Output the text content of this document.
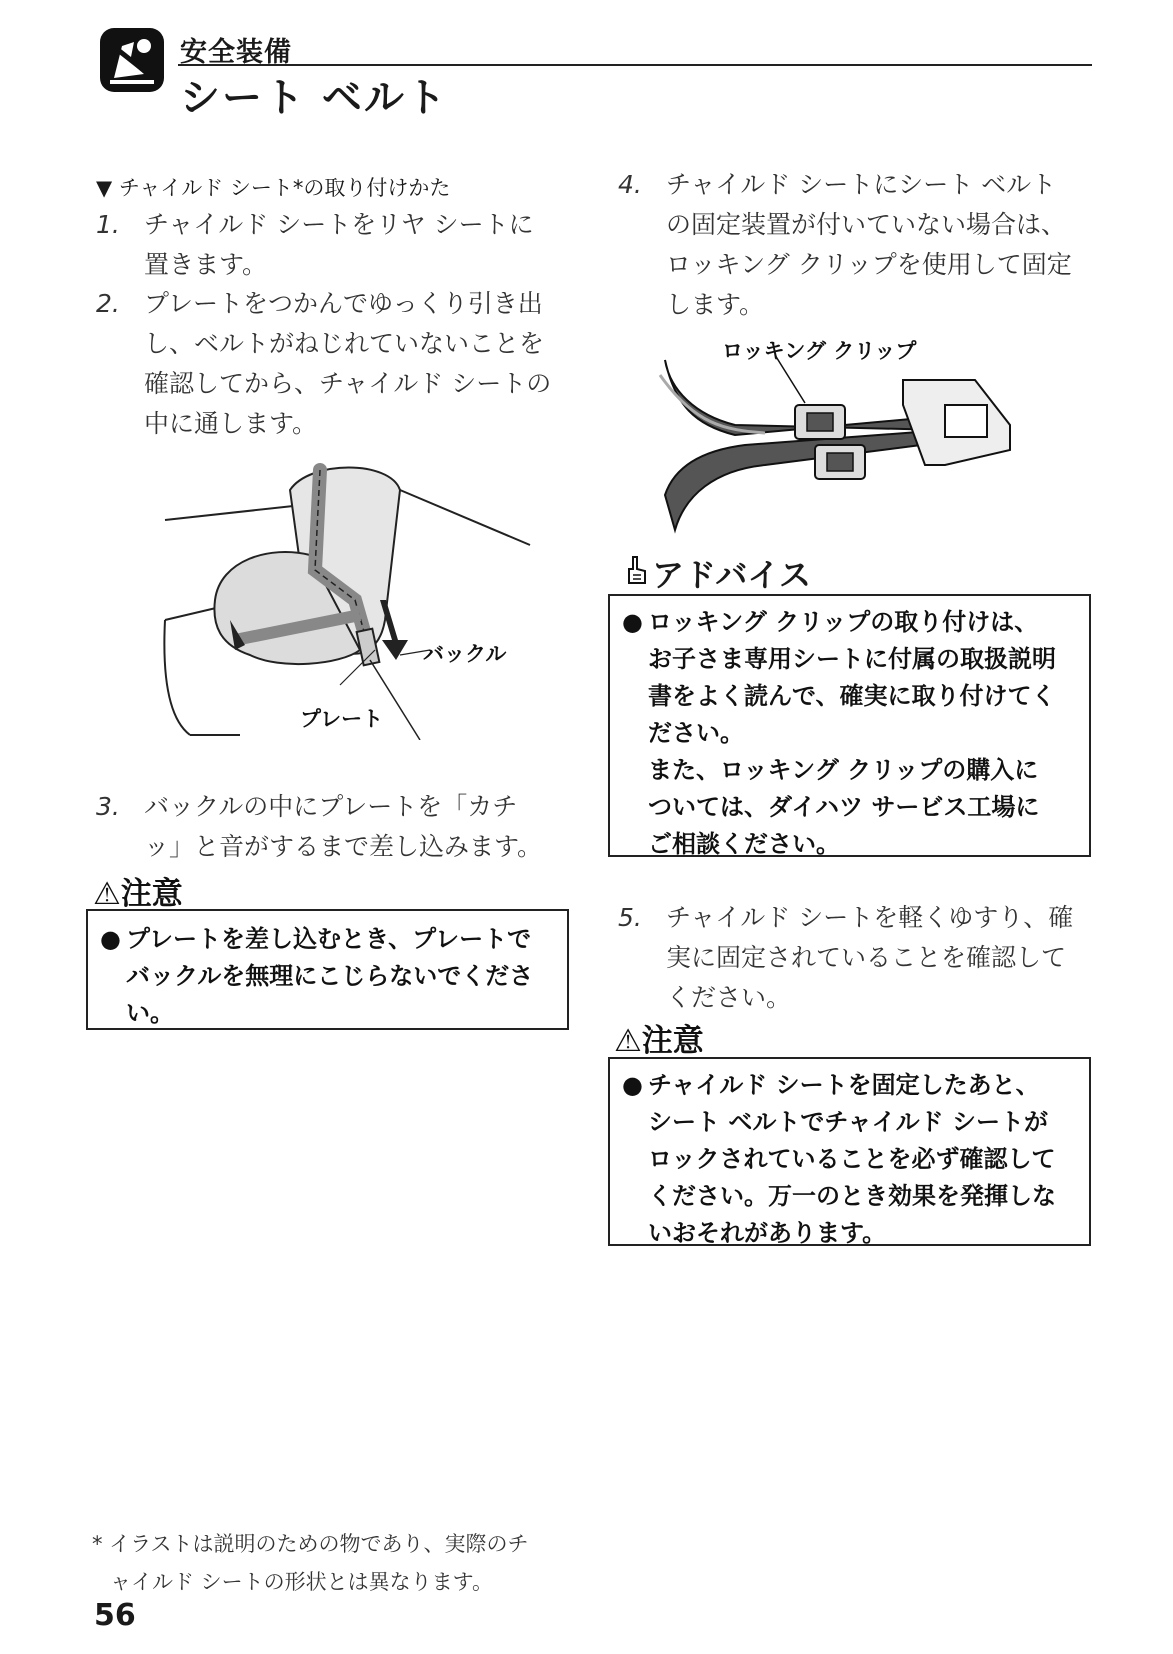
安全装備
シート ベルト
▼ チャイルド シート*の取り付けかた
1. チャイルド シートをリヤ シートに
置きます。
2. プレートをつかんでゆっくり引き出
し、ベルトがねじれていないことを
確認してから、チャイルド シートの
中に通します。
バックル
プレート
3. バックルの中にプレートを「カチ
ッ」と音がするまで差し込みます。
⚠注意
● プレートを差し込むとき、プレートで
バックルを無理にこじらないでくださ
い。
* イラストは説明のための物であり、実際のチ
ャイルド シートの形状とは異なります。
56
4. チャイルド シートにシート ベルト
の固定装置が付いていない場合は、
ロッキング クリップを使用して固定
します。
ロッキング クリップ
アドバイス
● ロッキング クリップの取り付けは、
お子さま専用シートに付属の取扱説明
書をよく読んで、確実に取り付けてく
ださい。
また、ロッキング クリップの購入に
ついては、ダイハツ サービス工場に
ご相談ください。
5. チャイルド シートを軽くゆすり、確
実に固定されていることを確認して
ください。
⚠注意
● チャイルド シートを固定したあと、
シート ベルトでチャイルド シートが
ロックされていることを必ず確認して
ください。万一のとき効果を発揮しな
いおそれがあります。
